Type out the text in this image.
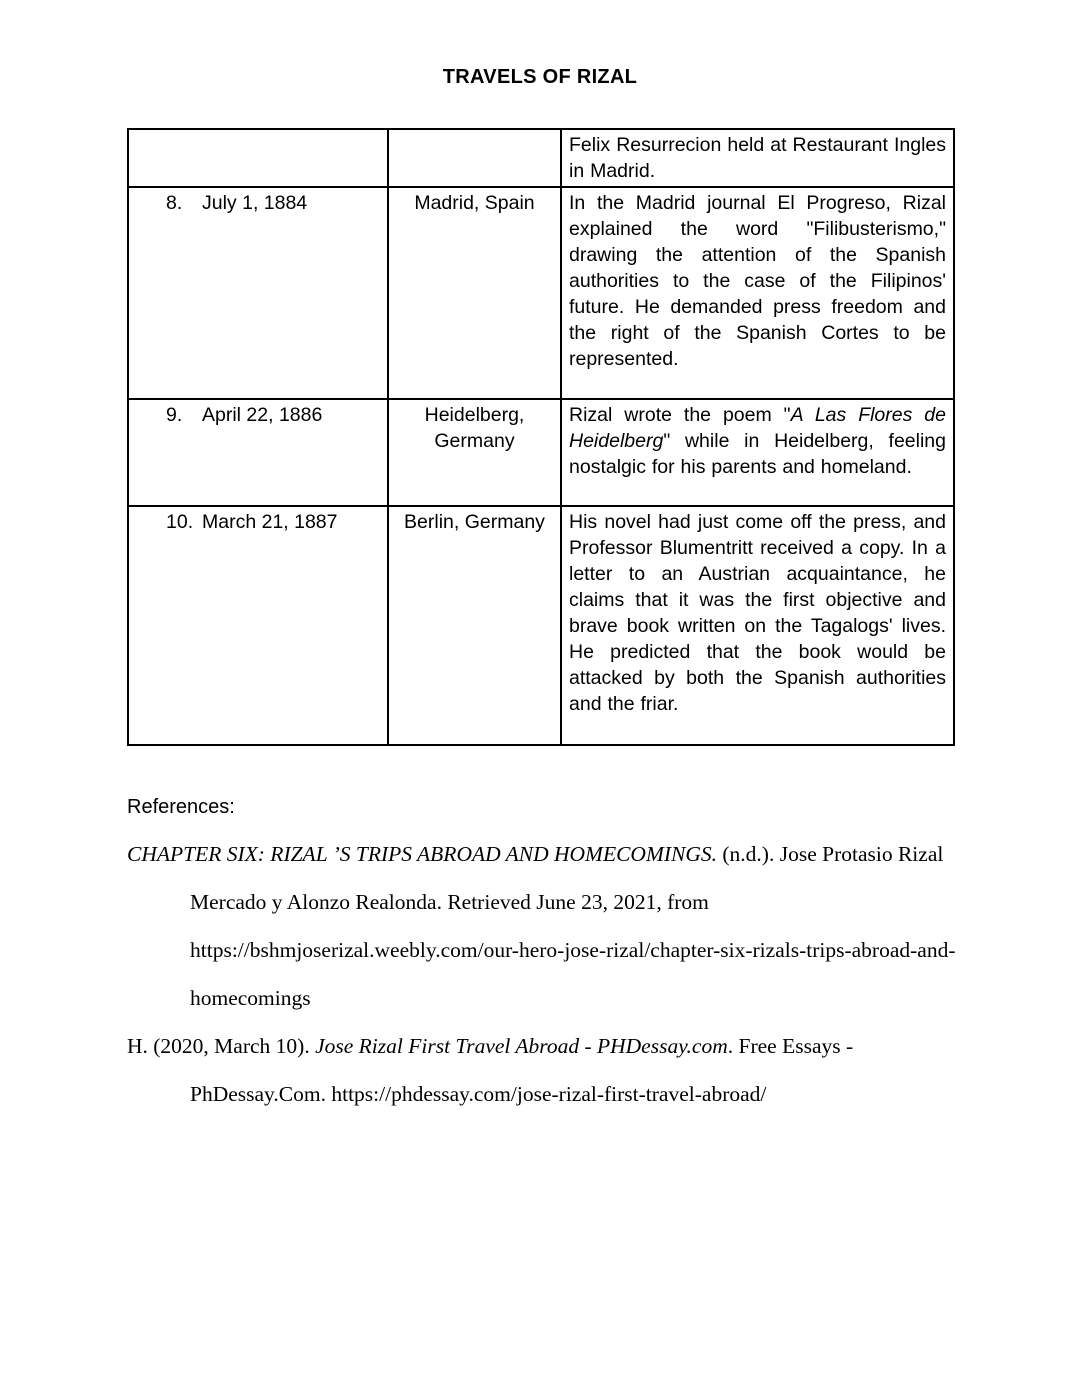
TRAVELS OF RIZAL
		Felix Resurrecion held at Restaurant Ingles in Madrid.
8. July 1, 1884	Madrid, Spain	In the Madrid journal El Progreso, Rizal explained the word "Filibusterismo," drawing the attention of the Spanish authorities to the case of the Filipinos' future. He demanded press freedom and the right of the Spanish Cortes to be represented.
9. April 22, 1886	Heidelberg, Germany	Rizal wrote the poem "A Las Flores de Heidelberg" while in Heidelberg, feeling nostalgic for his parents and homeland.
10. March 21, 1887	Berlin, Germany	His novel had just come off the press, and Professor Blumentritt received a copy. In a letter to an Austrian acquaintance, he claims that it was the first objective and brave book written on the Tagalogs' lives. He predicted that the book would be attacked by both the Spanish authorities and the friar.

References:

CHAPTER SIX: RIZAL ’S TRIPS ABROAD AND HOMECOMINGS. (n.d.). Jose Protasio Rizal
Mercado y Alonzo Realonda. Retrieved June 23, 2021, from
https://bshmjoserizal.weebly.com/our-hero-jose-rizal/chapter-six-rizals-trips-abroad-and-
homecomings
H. (2020, March 10). Jose Rizal First Travel Abroad - PHDessay.com. Free Essays -
PhDessay.Com. https://phdessay.com/jose-rizal-first-travel-abroad/
